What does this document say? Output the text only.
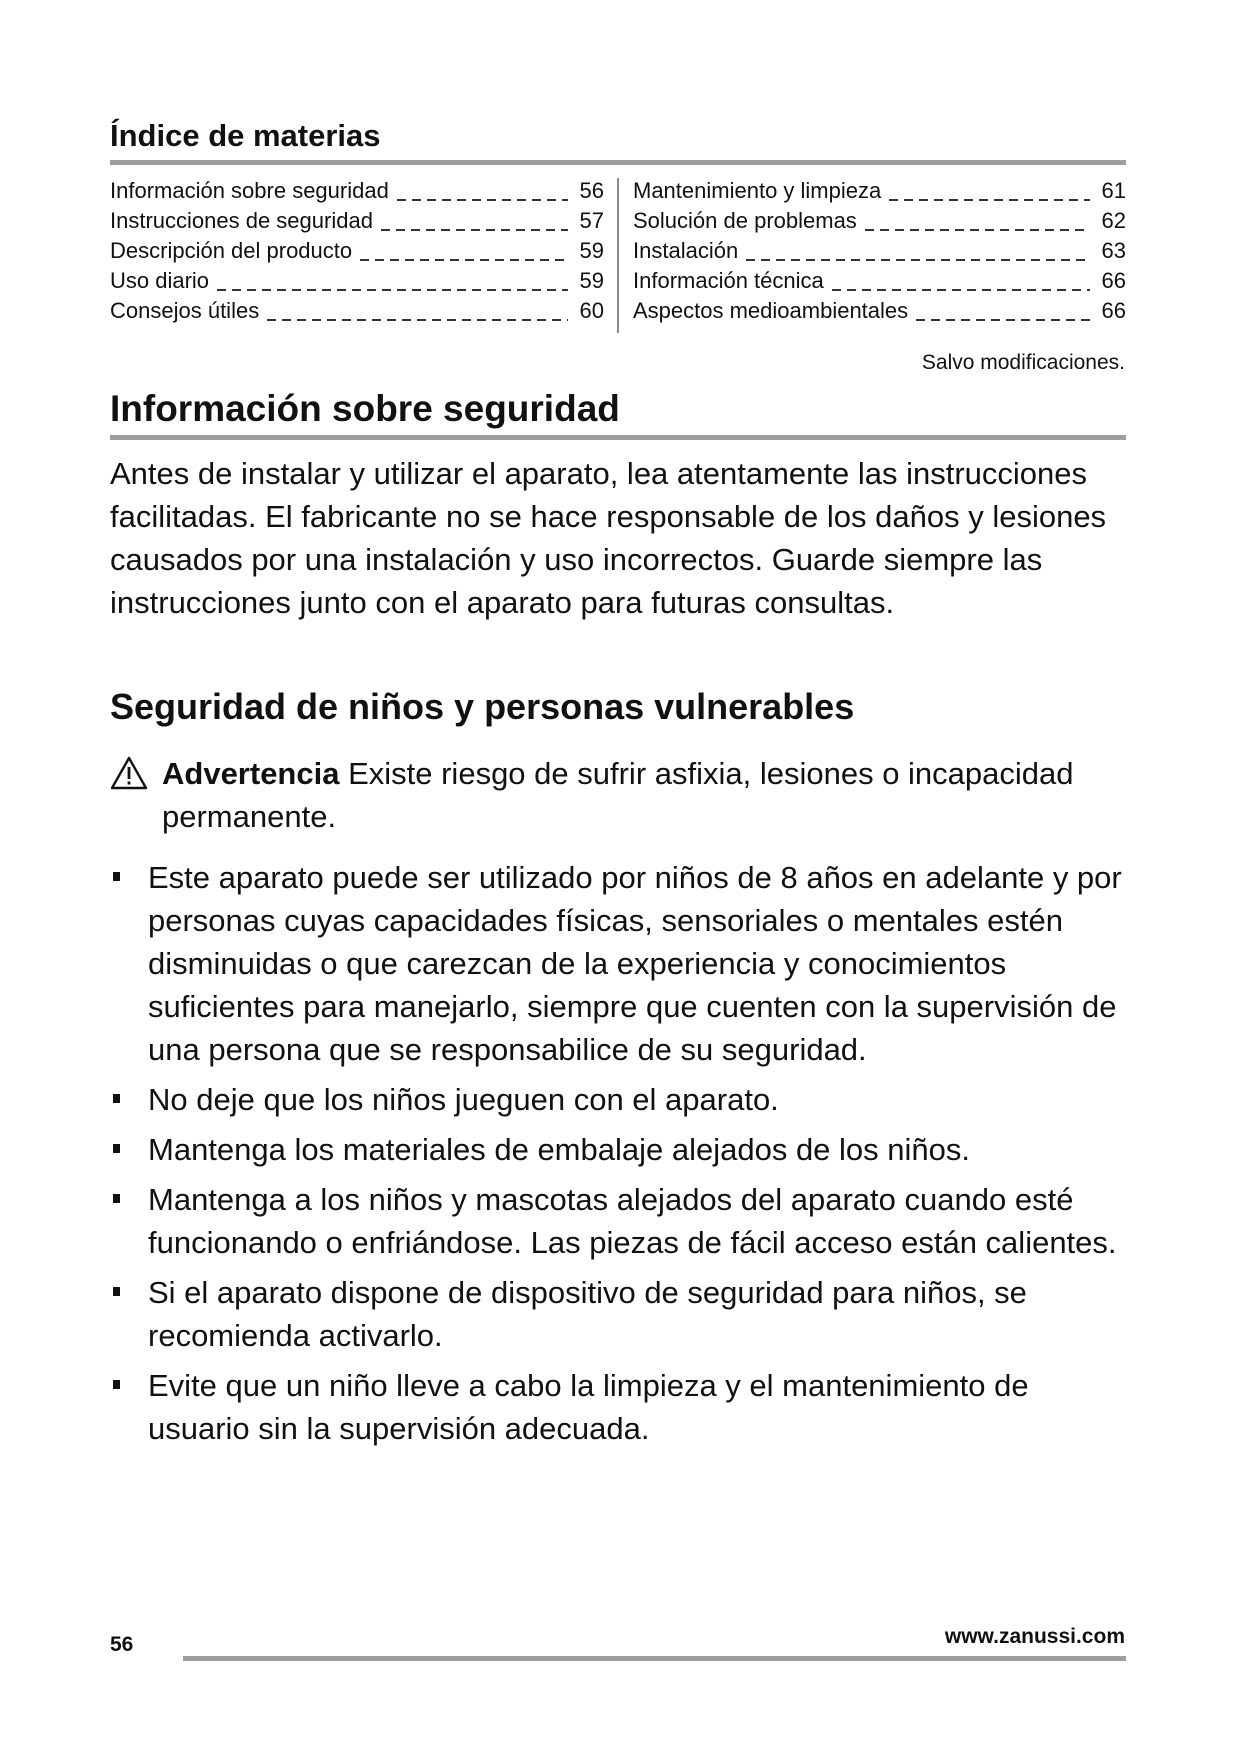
Índice de materias
Información sobre seguridad	56
Instrucciones de seguridad	57
Descripción del producto	59
Uso diario	59
Consejos útiles	60
Mantenimiento y limpieza	61
Solución de problemas	62
Instalación	63
Información técnica	66
Aspectos medioambientales	66
Salvo modificaciones.
Información sobre seguridad

Antes de instalar y utilizar el aparato, lea atentamente las instrucciones facilitadas. El fabricante no se hace responsable de los daños y lesiones causados por una instalación y uso incorrectos. Guarde siempre las instrucciones junto con el aparato para futuras consultas.

Seguridad de niños y personas vulnerables
Advertencia Existe riesgo de sufrir asfixia, lesiones o incapacidad permanente.
Este aparato puede ser utilizado por niños de 8 años en adelante y por personas cuyas capacidades físicas, sensoriales o mentales estén disminuidas o que carezcan de la experiencia y conocimientos suficientes para manejarlo, siempre que cuenten con la supervisión de una persona que se responsabilice de su seguridad.
No deje que los niños jueguen con el aparato.
Mantenga los materiales de embalaje alejados de los niños.
Mantenga a los niños y mascotas alejados del aparato cuando esté funcionando o enfriándose. Las piezas de fácil acceso están calientes.
Si el aparato dispone de dispositivo de seguridad para niños, se recomienda activarlo.
Evite que un niño lleve a cabo la limpieza y el mantenimiento de usuario sin la supervisión adecuada.
56	www.zanussi.com
